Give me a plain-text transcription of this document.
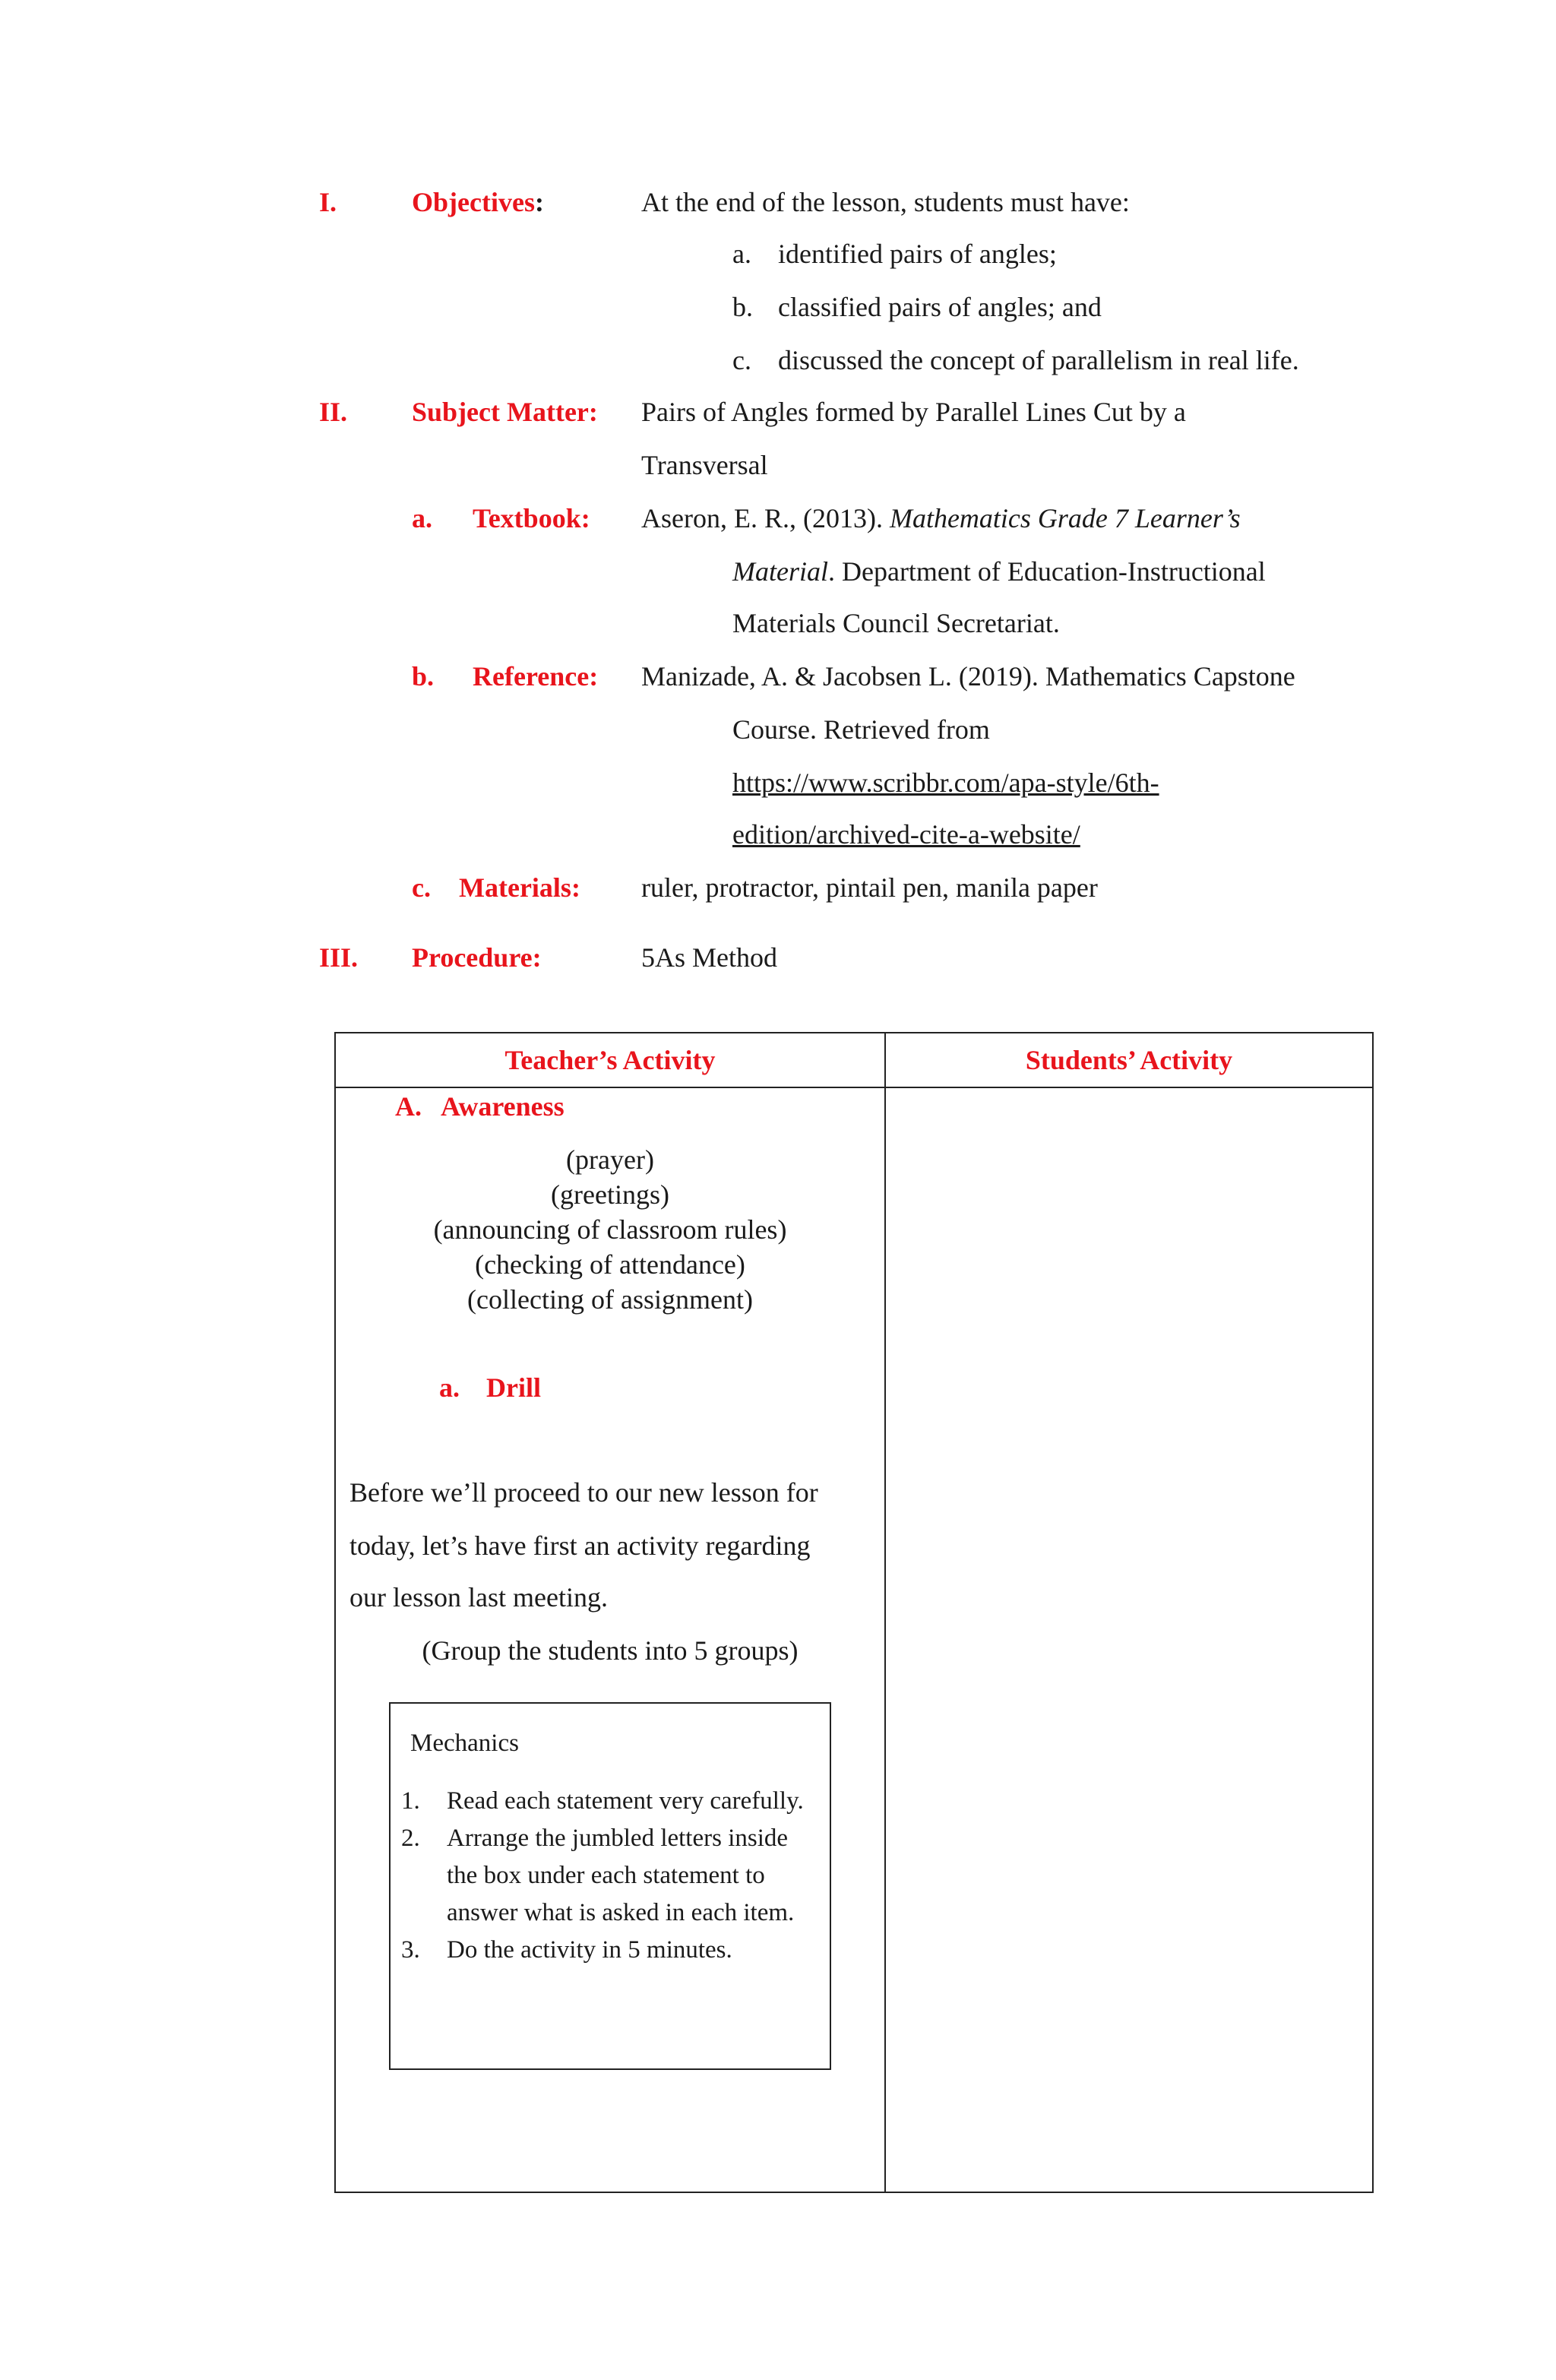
I.	Objectives:	At the end of the lesson, students must have:
a. identified pairs of angles;
b. classified pairs of angles; and
c. discussed the concept of parallelism in real life.
II. Subject Matter: Pairs of Angles formed by Parallel Lines Cut by a
Transversal
a. Textbook: Aseron, E. R., (2013). Mathematics Grade 7 Learner’s
Material. Department of Education-Instructional
Materials Council Secretariat.
b. Reference: Manizade, A. & Jacobsen L. (2019). Mathematics Capstone
Course. Retrieved from
https://www.scribbr.com/apa-style/6th-
edition/archived-cite-a-website/
c. Materials: ruler, protractor, pintail pen, manila paper
III. Procedure:	5As Method
Teacher’s Activity	Students’ Activity
A. Awareness
(prayer)
(greetings)
(announcing of classroom rules)
(checking of attendance)
(collecting of assignment)
a. Drill
Before we’ll proceed to our new lesson for
today, let’s have first an activity regarding
our lesson last meeting.
(Group the students into 5 groups)
Mechanics
1.	Read each statement very carefully.
2.	Arrange the jumbled letters inside the box under each statement to answer what is asked in each item.
3.	Do the activity in 5 minutes.
